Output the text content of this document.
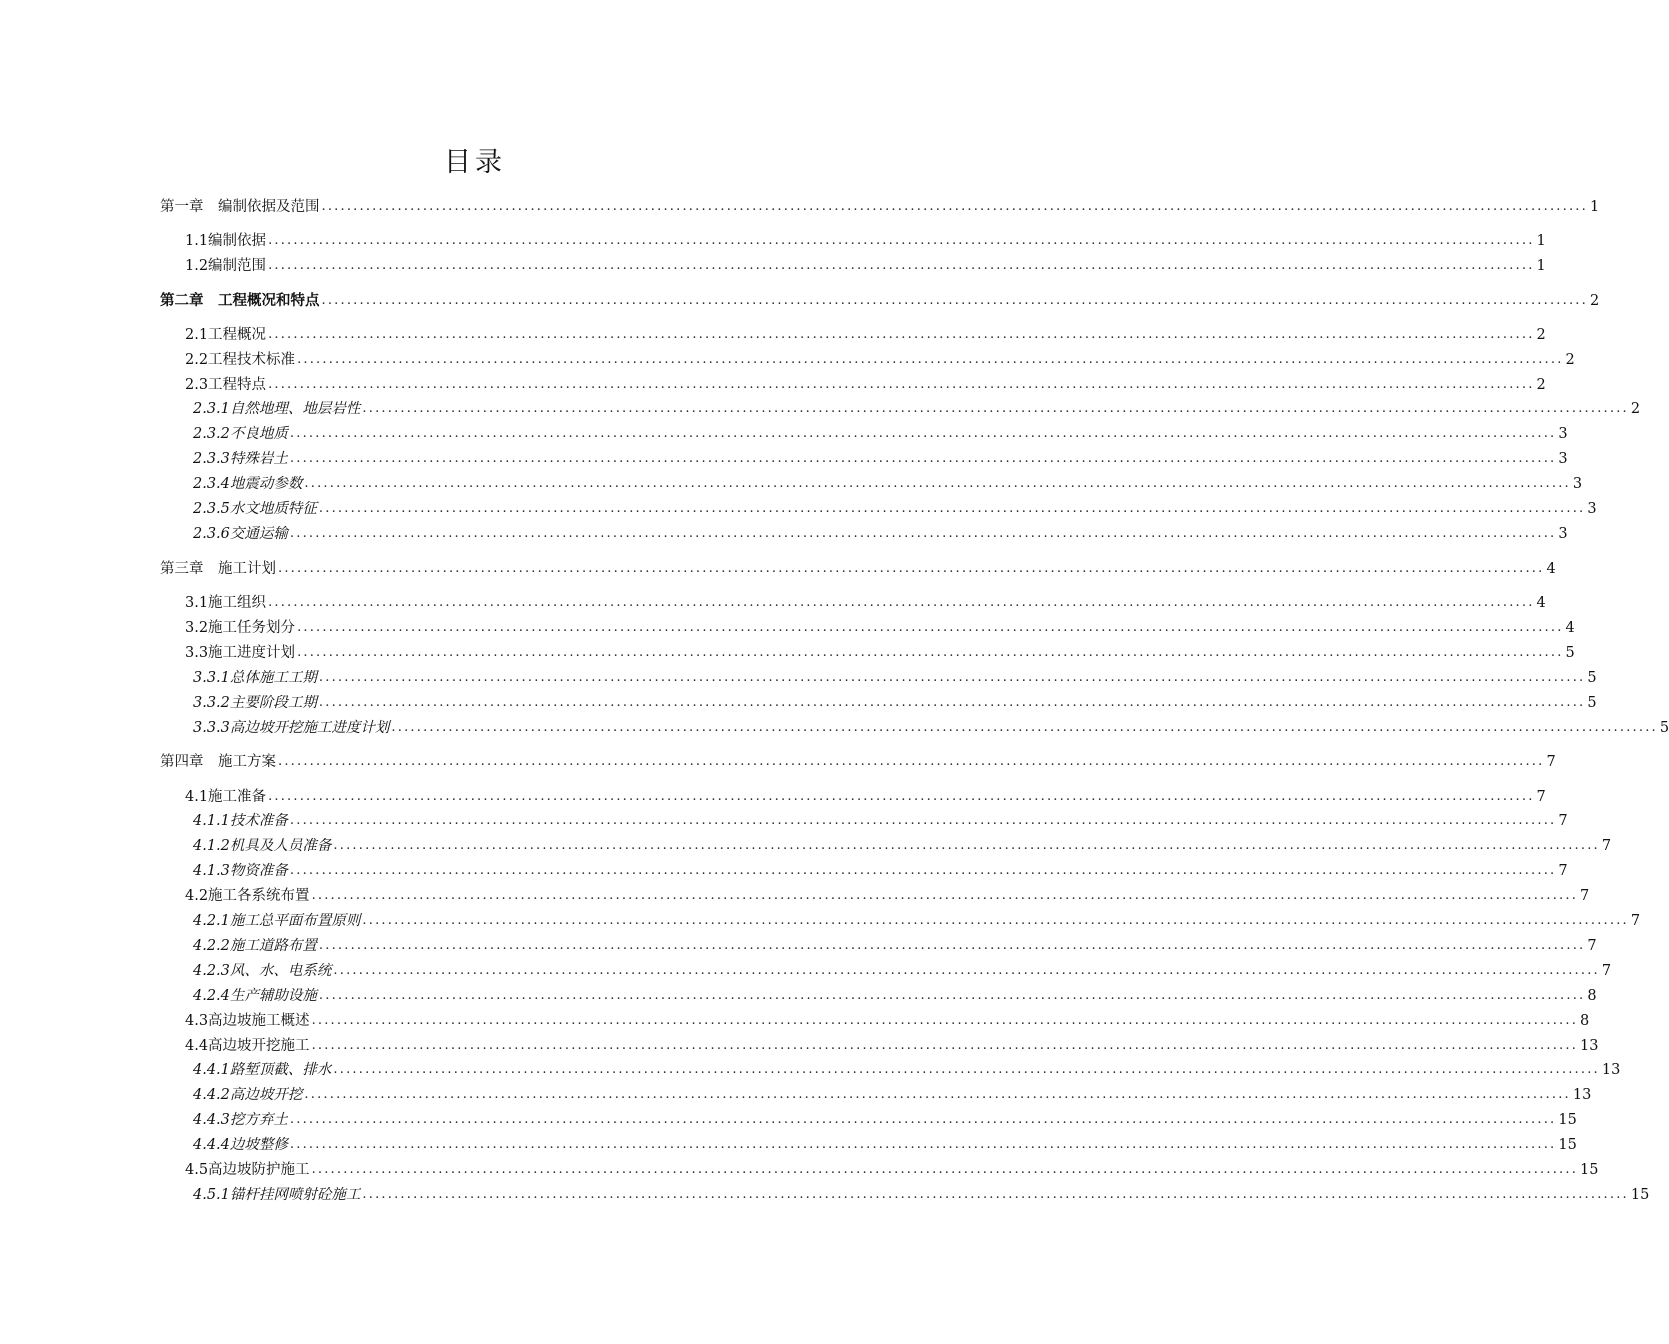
目录
第一章　编制依据及范围 ........................................................................................................................................................................................................ 1
1.1编制依据 ........................................................................................................................................................................................................ 1
1.2编制范围 ........................................................................................................................................................................................................ 1
第二章　工程概况和特点 ........................................................................................................................................................................................................ 2
2.1工程概况 ........................................................................................................................................................................................................ 2
2.2工程技术标准 ........................................................................................................................................................................................................ 2
2.3工程特点 ........................................................................................................................................................................................................ 2
2.3.1自然地理、地层岩性 ........................................................................................................................................................................................................ 2
2.3.2不良地质 ........................................................................................................................................................................................................ 3
2.3.3特殊岩土 ........................................................................................................................................................................................................ 3
2.3.4地震动参数 ........................................................................................................................................................................................................ 3
2.3.5水文地质特征 ........................................................................................................................................................................................................ 3
2.3.6交通运输 ........................................................................................................................................................................................................ 3
第三章　施工计划 ........................................................................................................................................................................................................ 4
3.1施工组织 ........................................................................................................................................................................................................ 4
3.2施工任务划分 ........................................................................................................................................................................................................ 4
3.3施工进度计划 ........................................................................................................................................................................................................ 5
3.3.1总体施工工期 ........................................................................................................................................................................................................ 5
3.3.2主要阶段工期 ........................................................................................................................................................................................................ 5
3.3.3高边坡开挖施工进度计划 ........................................................................................................................................................................................................ 5
第四章　施工方案 ........................................................................................................................................................................................................ 7
4.1施工准备 ........................................................................................................................................................................................................ 7
4.1.1技术准备 ........................................................................................................................................................................................................ 7
4.1.2机具及人员准备 ........................................................................................................................................................................................................ 7
4.1.3物资准备 ........................................................................................................................................................................................................ 7
4.2施工各系统布置 ........................................................................................................................................................................................................ 7
4.2.1施工总平面布置原则 ........................................................................................................................................................................................................ 7
4.2.2施工道路布置 ........................................................................................................................................................................................................ 7
4.2.3风、水、电系统 ........................................................................................................................................................................................................ 7
4.2.4生产辅助设施 ........................................................................................................................................................................................................ 8
4.3高边坡施工概述 ........................................................................................................................................................................................................ 8
4.4高边坡开挖施工 ........................................................................................................................................................................................................ 13
4.4.1路堑顶截、排水 ........................................................................................................................................................................................................ 13
4.4.2高边坡开挖 ........................................................................................................................................................................................................ 13
4.4.3挖方弃土 ........................................................................................................................................................................................................ 15
4.4.4边坡整修 ........................................................................................................................................................................................................ 15
4.5高边坡防护施工 ........................................................................................................................................................................................................ 15
4.5.1锚杆挂网喷射砼施工 ........................................................................................................................................................................................................ 15
